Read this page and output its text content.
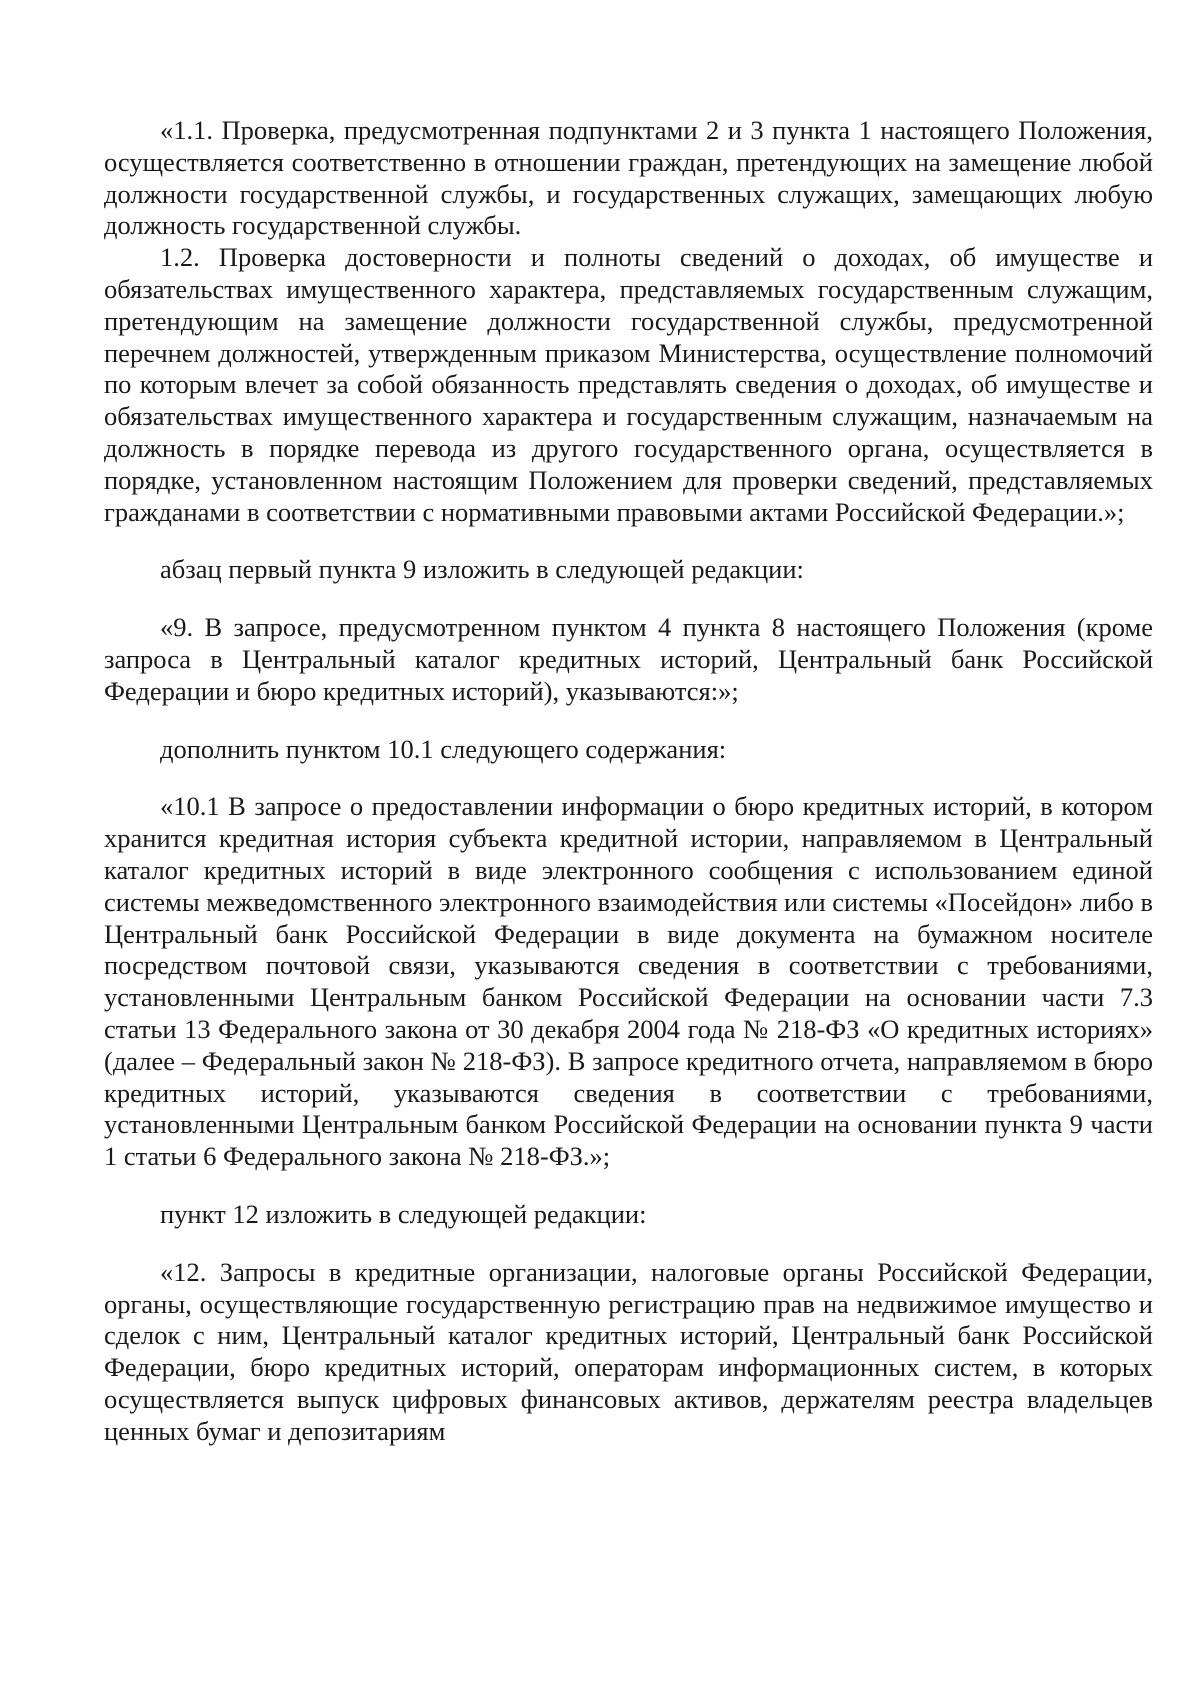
«1.1. Проверка, предусмотренная подпунктами 2 и 3 пункта 1 настоящего Положения, осуществляется соответственно в отношении граждан, претендующих на замещение любой должности государственной службы, и государственных служащих, замещающих любую должность государственной службы.

1.2. Проверка достоверности и полноты сведений о доходах, об имуществе и обязательствах имущественного характера, представляемых государственным служащим, претендующим на замещение должности государственной службы, предусмотренной перечнем должностей, утвержденным приказом Министерства, осуществление полномочий по которым влечет за собой обязанность представлять сведения о доходах, об имуществе и обязательствах имущественного характера и государственным служащим, назначаемым на должность в порядке перевода из другого государственного органа, осуществляется в порядке, установленном настоящим Положением для проверки сведений, представляемых гражданами в соответствии с нормативными правовыми актами Российской Федерации.»;

абзац первый пункта 9 изложить в следующей редакции:

«9. В запросе, предусмотренном пунктом 4 пункта 8 настоящего Положения (кроме запроса в Центральный каталог кредитных историй, Центральный банк Российской Федерации и бюро кредитных историй), указываются:»;

дополнить пунктом 10.1 следующего содержания:

«10.1 В запросе о предоставлении информации о бюро кредитных историй, в котором хранится кредитная история субъекта кредитной истории, направляемом в Центральный каталог кредитных историй в виде электронного сообщения с использованием единой системы межведомственного электронного взаимодействия или системы «Посейдон» либо в Центральный банк Российской Федерации в виде документа на бумажном носителе посредством почтовой связи, указываются сведения в соответствии с требованиями, установленными Центральным банком Российской Федерации на основании части 7.3 статьи 13 Федерального закона от 30 декабря 2004 года № 218-ФЗ «О кредитных историях» (далее – Федеральный закон № 218-ФЗ). В запросе кредитного отчета, направляемом в бюро кредитных историй, указываются сведения в соответствии с требованиями, установленными Центральным банком Российской Федерации на основании пункта 9 части 1 статьи 6 Федерального закона № 218-ФЗ.»;

пункт 12 изложить в следующей редакции:

«12. Запросы в кредитные организации, налоговые органы Российской Федерации, органы, осуществляющие государственную регистрацию прав на недвижимое имущество и сделок с ним, Центральный каталог кредитных историй, Центральный банк Российской Федерации, бюро кредитных историй, операторам информационных систем, в которых осуществляется выпуск цифровых финансовых активов, держателям реестра владельцев ценных бумаг и депозитариям
